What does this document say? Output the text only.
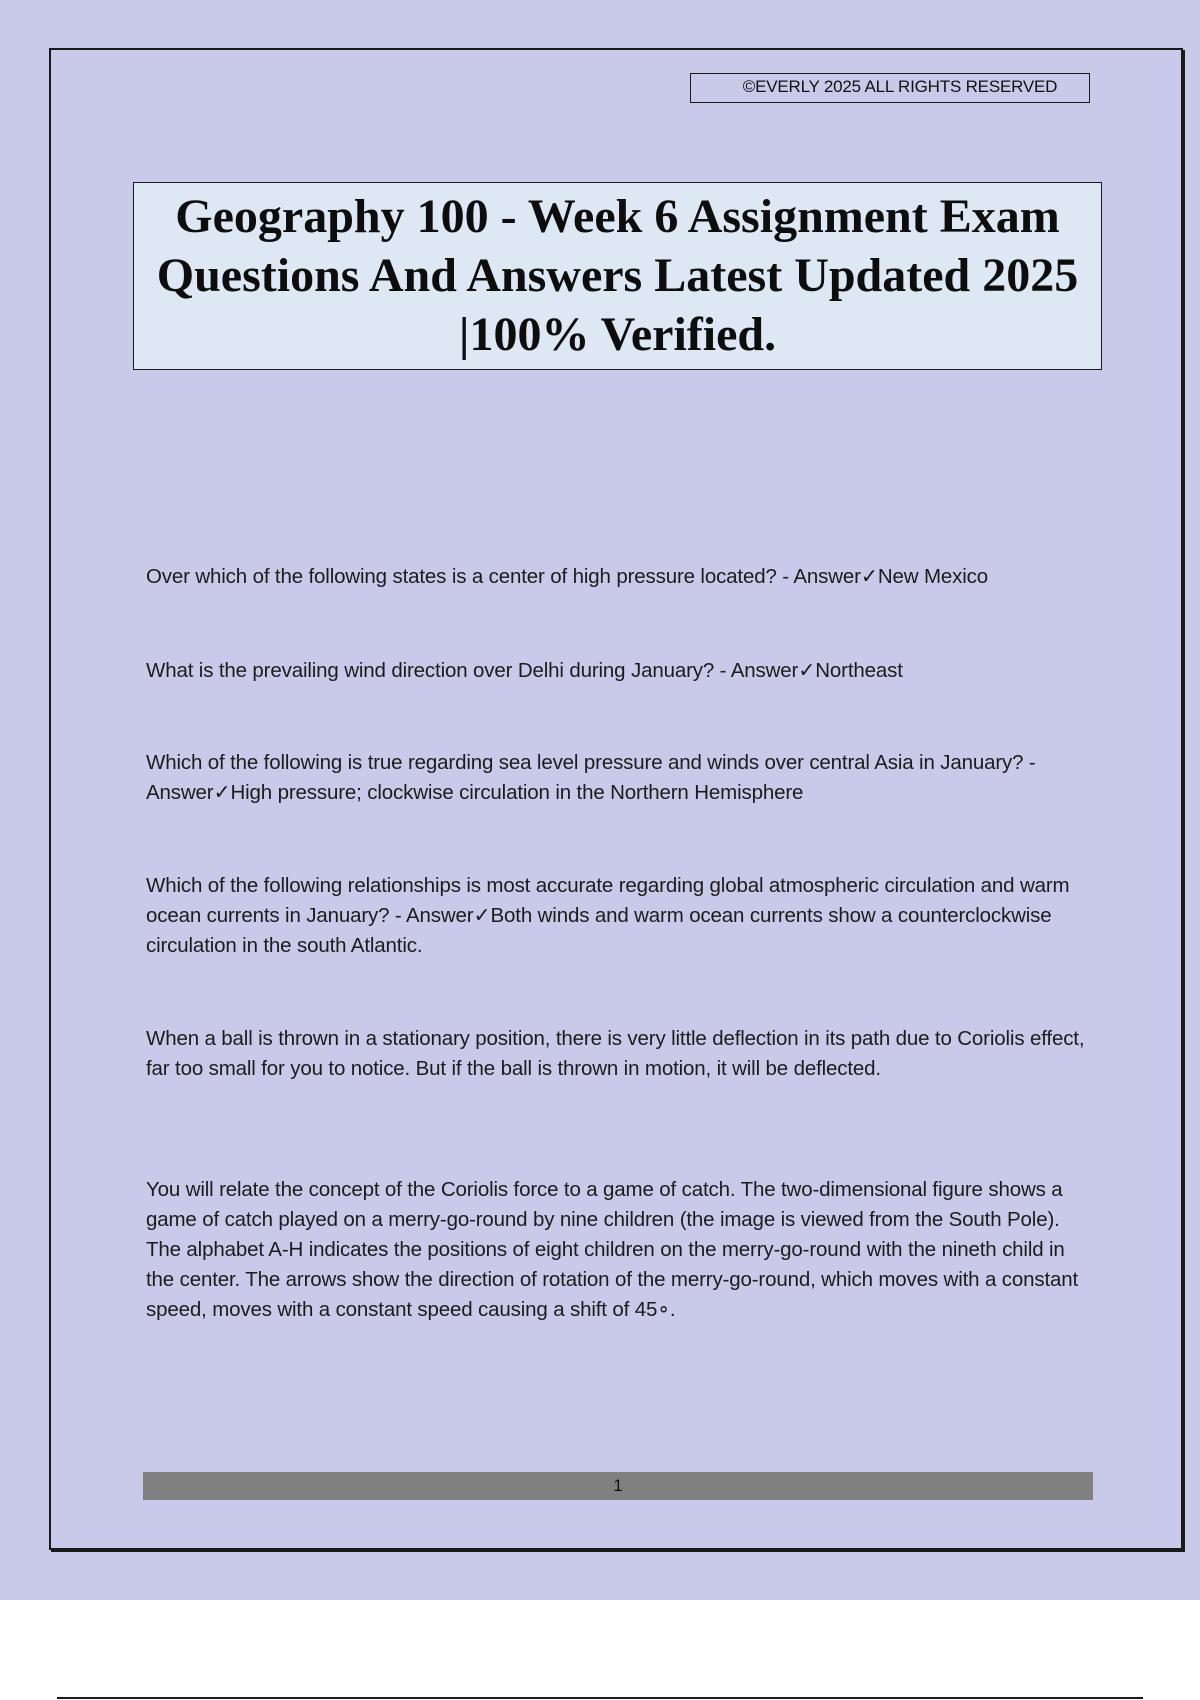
©EVERLY 2025 ALL RIGHTS RESERVED
Geography 100 - Week 6 Assignment Exam
Questions And Answers Latest Updated 2025
|100% Verified.

Over which of the following states is a center of high pressure located? - Answer✓New Mexico

What is the prevailing wind direction over Delhi during January? - Answer✓Northeast

Which of the following is true regarding sea level pressure and winds over central Asia in January? - Answer✓High pressure; clockwise circulation in the Northern Hemisphere

Which of the following relationships is most accurate regarding global atmospheric circulation and warm ocean currents in January? - Answer✓Both winds and warm ocean currents show a counterclockwise circulation in the south Atlantic.

When a ball is thrown in a stationary position, there is very little deflection in its path due to Coriolis effect, far too small for you to notice. But if the ball is thrown in motion, it will be deflected.

You will relate the concept of the Coriolis force to a game of catch. The two-dimensional figure shows a game of catch played on a merry-go-round by nine children (the image is viewed from the South Pole). The alphabet A-H indicates the positions of eight children on the merry-go-round with the nineth child in the center. The arrows show the direction of rotation of the merry-go-round, which moves with a constant speed, moves with a constant speed causing a shift of 45∘.

1
